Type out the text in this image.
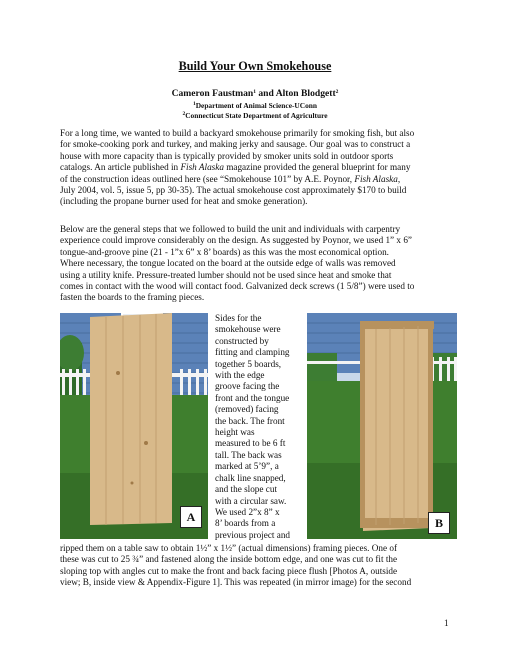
Build Your Own Smokehouse
Cameron Faustman$^1$ and Alton Blodgett$^2$
$^1$Department of Animal Science-UConn
$^2$Connecticut State Department of Agriculture
For a long time, we wanted to build a backyard smokehouse primarily for smoking fish, but also
for smoke-cooking pork and turkey, and making jerky and sausage. Our goal was to construct a
house with more capacity than is typically provided by smoker units sold in outdoor sports
catalogs. An article published in Fish Alaska magazine provided the general blueprint for many
of the construction ideas outlined here (see “Smokehouse 101” by A.E. Poynor, Fish Alaska,
July 2004, vol. 5, issue 5, pp 30-35). The actual smokehouse cost approximately $170 to build
(including the propane burner used for heat and smoke generation).
Below are the general steps that we followed to build the unit and individuals with carpentry
experience could improve considerably on the design. As suggested by Poynor, we used 1” x 6”
tongue-and-groove pine (21 - 1”x 6” x 8’ boards) as this was the most economical option.
Where necessary, the tongue located on the board at the outside edge of walls was removed
using a utility knife. Pressure-treated lumber should not be used since heat and smoke that
comes in contact with the wood will contact food. Galvanized deck screws (1 5/8”) were used to
fasten the boards to the framing pieces.
A	B
Sides for the
smokehouse were
constructed by
fitting and clamping
together 5 boards,
with the edge
groove facing the
front and the tongue
(removed) facing
the back. The front
height was
measured to be 6 ft
tall. The back was
marked at 5’9”, a
chalk line snapped,
and the slope cut
with a circular saw.
We used 2”x 8” x
8’ boards from a
previous project and
ripped them on a table saw to obtain 1½” x 1½” (actual dimensions) framing pieces. One of
these was cut to 25 ¾” and fastened along the inside bottom edge, and one was cut to fit the
sloping top with angles cut to make the front and back facing piece flush [Photos A, outside
view; B, inside view & Appendix-Figure 1]. This was repeated (in mirror image) for the second
1
